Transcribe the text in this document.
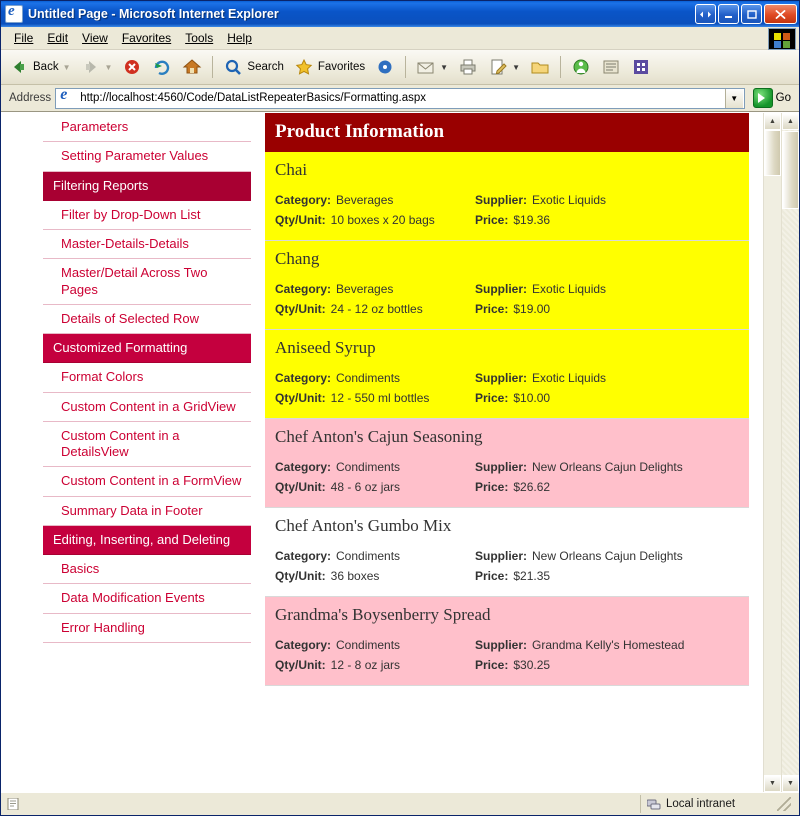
e
Untitled Page - Microsoft Internet Explorer
File	Edit	View	Favorites	Tools	Help
Back ▼	▼	Search	Favorites	▼	▼
Address e
http://localhost:4560/Code/DataListRepeaterBasics/Formatting.aspx	▼	Go
Parameters
Setting Parameter Values
Filtering Reports
Filter by Drop-Down List
Master-Details-Details
Master/Detail Across Two Pages
Details of Selected Row
Customized Formatting
Format Colors
Custom Content in a GridView
Custom Content in a DetailsView
Custom Content in a FormView
Summary Data in Footer
Editing, Inserting, and Deleting
Basics
Data Modification Events
Error Handling
Product Information
Chai
Category: Beverages	Supplier: Exotic Liquids
Qty/Unit: 10 boxes x 20 bags	Price: $19.36
Chang
Category: Beverages	Supplier: Exotic Liquids
Qty/Unit: 24 - 12 oz bottles	Price: $19.00
Aniseed Syrup
Category: Condiments	Supplier: Exotic Liquids
Qty/Unit: 12 - 550 ml bottles	Price: $10.00
Chef Anton's Cajun Seasoning
Category: Condiments	Supplier: New Orleans Cajun Delights
Qty/Unit: 48 - 6 oz jars	Price: $26.62
Chef Anton's Gumbo Mix
Category: Condiments	Supplier: New Orleans Cajun Delights
Qty/Unit: 36 boxes	Price: $21.35
Grandma's Boysenberry Spread
Category: Condiments	Supplier: Grandma Kelly's Homestead
Qty/Unit: 12 - 8 oz jars	Price: $30.25
▲
▼
▲
▼
Local intranet
